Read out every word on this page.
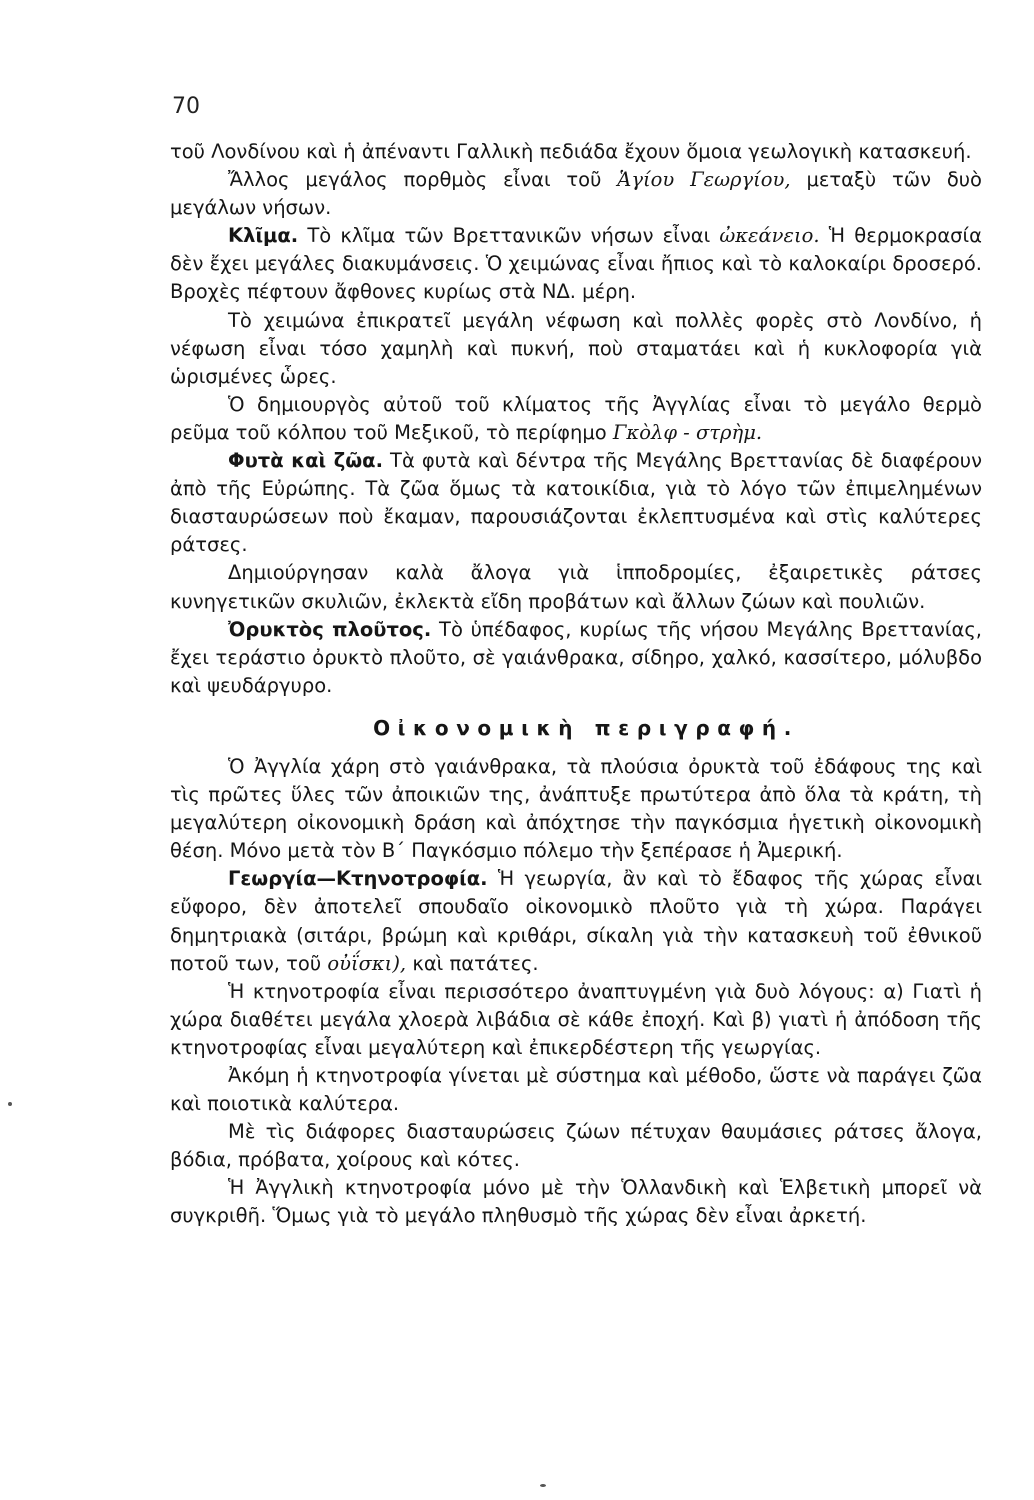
70

τοῦ Λονδίνου καὶ ἡ ἀπέναντι Γαλλικὴ πεδιάδα ἔχουν ὅμοια γεωλογικὴ κατασκευή.

Ἄλλος μεγάλος πορθμὸς εἶναι τοῦ Ἁγίου Γεωργίου, μεταξὺ τῶν δυὸ μεγάλων νήσων.

Κλῖμα. Τὸ κλῖμα τῶν Βρεττανικῶν νήσων εἶναι ὠκεάνειο. Ἡ θερμοκρασία δὲν ἔχει μεγάλες διακυμάνσεις. Ὁ χειμώνας εἶναι ἤπιος καὶ τὸ καλοκαίρι δροσερό. Βροχὲς πέφτουν ἄφθονες κυρίως στὰ ΝΔ. μέρη.

Τὸ χειμώνα ἐπικρατεῖ μεγάλη νέφωση καὶ πολλὲς φορὲς στὸ Λονδίνο, ἡ νέφωση εἶναι τόσο χαμηλὴ καὶ πυκνή, ποὺ σταματάει καὶ ἡ κυκλοφορία γιὰ ὡρισμένες ὧρες.

Ὁ δημιουργὸς αὐτοῦ τοῦ κλίματος τῆς Ἀγγλίας εἶναι τὸ μεγάλο θερμὸ ρεῦμα τοῦ κόλπου τοῦ Μεξικοῦ, τὸ περίφημο Γκὸλφ - στρὴμ.

Φυτὰ καὶ ζῶα. Τὰ φυτὰ καὶ δέντρα τῆς Μεγάλης Βρεττανίας δὲ διαφέρουν ἀπὸ τῆς Εὐρώπης. Τὰ ζῶα ὅμως τὰ κατοικίδια, γιὰ τὸ λόγο τῶν ἐπιμελημένων διασταυρώσεων ποὺ ἔκαμαν, παρουσιάζονται ἐκλεπτυσμένα καὶ στὶς καλύτερες ράτσες.

Δημιούργησαν καλὰ ἄλογα γιὰ ἱπποδρομίες, ἐξαιρετικὲς ράτσες κυνηγετικῶν σκυλιῶν, ἐκλεκτὰ εἴδη προβάτων καὶ ἄλλων ζώων καὶ πουλιῶν.

Ὀρυκτὸς πλοῦτος. Τὸ ὑπέδαφος, κυρίως τῆς νήσου Μεγάλης Βρεττανίας, ἔχει τεράστιο ὀρυκτὸ πλοῦτο, σὲ γαιάνθρακα, σίδηρο, χαλκό, κασσίτερο, μόλυβδο καὶ ψευδάργυρο.

Οἰκονομικὴ περιγραφή.

Ὁ Ἀγγλία χάρη στὸ γαιάνθρακα, τὰ πλούσια ὀρυκτὰ τοῦ ἐδάφους της καὶ τὶς πρῶτες ὕλες τῶν ἀποικιῶν της, ἀνάπτυξε πρωτύτερα ἀπὸ ὅλα τὰ κράτη, τὴ μεγαλύτερη οἰκονομικὴ δράση καὶ ἀπόχτησε τὴν παγκόσμια ἡγετικὴ οἰκονομικὴ θέση. Μόνο μετὰ τὸν Β΄ Παγκόσμιο πόλεμο τὴν ξεπέρασε ἡ Ἀμερική.

Γεωργία—Κτηνοτροφία. Ἡ γεωργία, ἂν καὶ τὸ ἔδαφος τῆς χώρας εἶναι εὔφορο, δὲν ἀποτελεῖ σπουδαῖο οἰκονομικὸ πλοῦτο γιὰ τὴ χώρα. Παράγει δημητριακὰ (σιτάρι, βρώμη καὶ κριθάρι, σίκαλη γιὰ τὴν κατασκευὴ τοῦ ἐθνικοῦ ποτοῦ των, τοῦ οὐΐσκι), καὶ πατάτες.

Ἡ κτηνοτροφία εἶναι περισσότερο ἀναπτυγμένη γιὰ δυὸ λόγους: α) Γιατὶ ἡ χώρα διαθέτει μεγάλα χλοερὰ λιβάδια σὲ κάθε ἐποχή. Καὶ β) γιατὶ ἡ ἀπόδοση τῆς κτηνοτροφίας εἶναι μεγαλύτερη καὶ ἐπικερδέστερη τῆς γεωργίας.

Ἀκόμη ἡ κτηνοτροφία γίνεται μὲ σύστημα καὶ μέθοδο, ὥστε νὰ παράγει ζῶα καὶ ποιοτικὰ καλύτερα.

Μὲ τὶς διάφορες διασταυρώσεις ζώων πέτυχαν θαυμάσιες ράτσες ἄλογα, βόδια, πρόβατα, χοίρους καὶ κότες.

Ἡ Ἀγγλικὴ κτηνοτροφία μόνο μὲ τὴν Ὁλλανδικὴ καὶ Ἑλβετικὴ μπορεῖ νὰ συγκριθῆ. Ὅμως γιὰ τὸ μεγάλο πληθυσμὸ τῆς χώρας δὲν εἶναι ἀρκετή.
